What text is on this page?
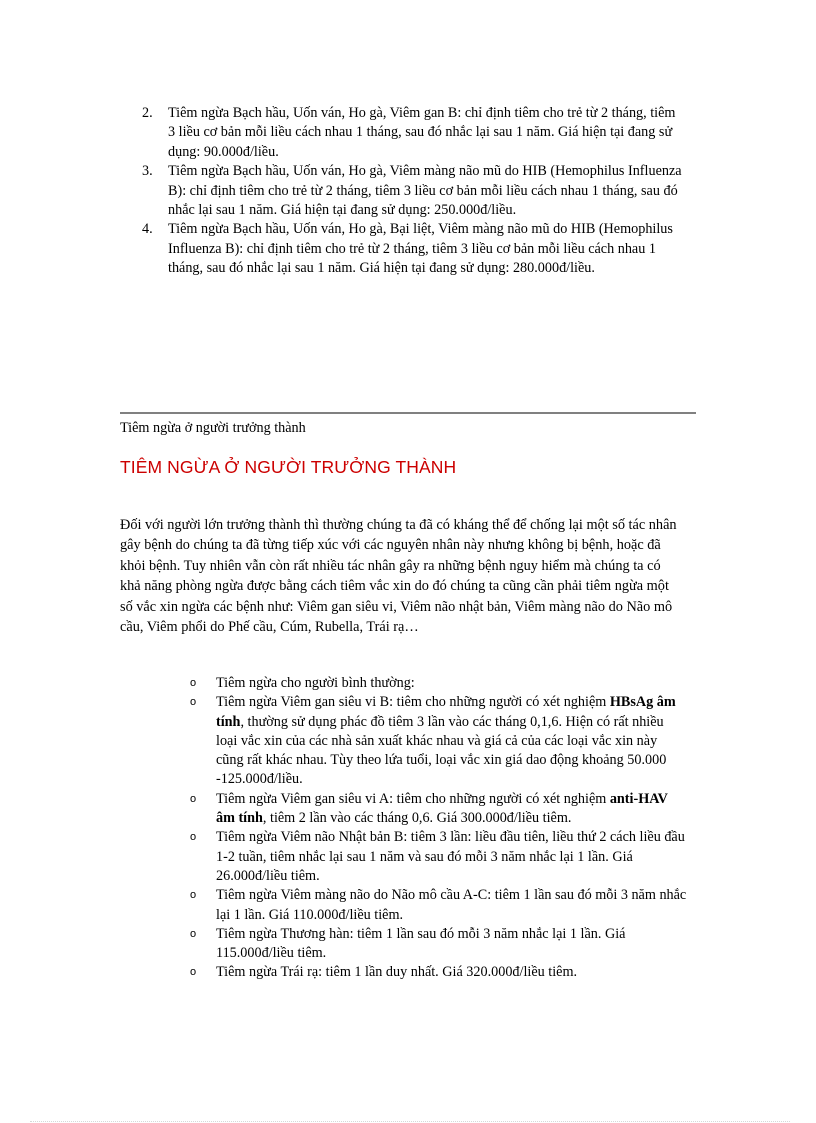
2. Tiêm ngừa Bạch hầu, Uốn ván, Ho gà, Viêm gan B: chỉ định tiêm cho trẻ từ 2 tháng, tiêm 3 liều cơ bản mỗi liều cách nhau 1 tháng, sau đó nhắc lại sau 1 năm. Giá hiện tại đang sử dụng: 90.000đ/liều.
3. Tiêm ngừa Bạch hầu, Uốn ván, Ho gà, Viêm màng não mũ do HIB (Hemophilus Influenza B): chỉ định tiêm cho trẻ từ 2 tháng, tiêm 3 liều cơ bản mỗi liều cách nhau 1 tháng, sau đó nhắc lại sau 1 năm. Giá hiện tại đang sử dụng: 250.000đ/liều.
4. Tiêm ngừa Bạch hầu, Uốn ván, Ho gà, Bại liệt, Viêm màng não mũ do HIB (Hemophilus Influenza B): chỉ định tiêm cho trẻ từ 2 tháng, tiêm 3 liều cơ bản mỗi liều cách nhau 1 tháng, sau đó nhắc lại sau 1 năm. Giá hiện tại đang sử dụng: 280.000đ/liều.
Tiêm ngừa ở người trưởng thành
TIÊM NGỪA Ở NGƯỜI TRƯỞNG THÀNH

Đối với người lớn trưởng thành thì thường chúng ta đã có kháng thể để chống lại một số tác nhân gây bệnh do chúng ta đã từng tiếp xúc với các nguyên nhân này nhưng không bị bệnh, hoặc đã khỏi bệnh. Tuy nhiên vẫn còn rất nhiều tác nhân gây ra những bệnh nguy hiểm mà chúng ta có khả năng phòng ngừa được bằng cách tiêm vắc xin do đó chúng ta cũng cần phải tiêm ngừa một số vắc xin ngừa các bệnh như: Viêm gan siêu vi, Viêm não nhật bản, Viêm màng não do Não mô cầu, Viêm phổi do Phế cầu, Cúm, Rubella, Trái rạ…

o Tiêm ngừa cho người bình thường:
o Tiêm ngừa Viêm gan siêu vi B: tiêm cho những người có xét nghiệm HBsAg âm tính, thường sử dụng phác đồ tiêm 3 lần vào các tháng 0,1,6. Hiện có rất nhiều loại vắc xin của các nhà sản xuất khác nhau và giá cả của các loại vắc xin này cũng rất khác nhau. Tùy theo lứa tuổi, loại vắc xin giá dao động khoảng 50.000 -125.000đ/liều.
o Tiêm ngừa Viêm gan siêu vi A: tiêm cho những người có xét nghiệm anti-HAV âm tính, tiêm 2 lần vào các tháng 0,6. Giá 300.000đ/liều tiêm.
o Tiêm ngừa Viêm não Nhật bản B: tiêm 3 lần: liều đầu tiên, liều thứ 2 cách liều đầu 1-2 tuần, tiêm nhắc lại sau 1 năm và sau đó mỗi 3 năm nhắc lại 1 lần. Giá 26.000đ/liều tiêm.
o Tiêm ngừa Viêm màng não do Não mô cầu A-C: tiêm 1 lần sau đó mỗi 3 năm nhắc lại 1 lần. Giá 110.000đ/liều tiêm.
o Tiêm ngừa Thương hàn: tiêm 1 lần sau đó mỗi 3 năm nhắc lại 1 lần. Giá 115.000đ/liều tiêm.
o Tiêm ngừa Trái rạ: tiêm 1 lần duy nhất. Giá 320.000đ/liều tiêm.
